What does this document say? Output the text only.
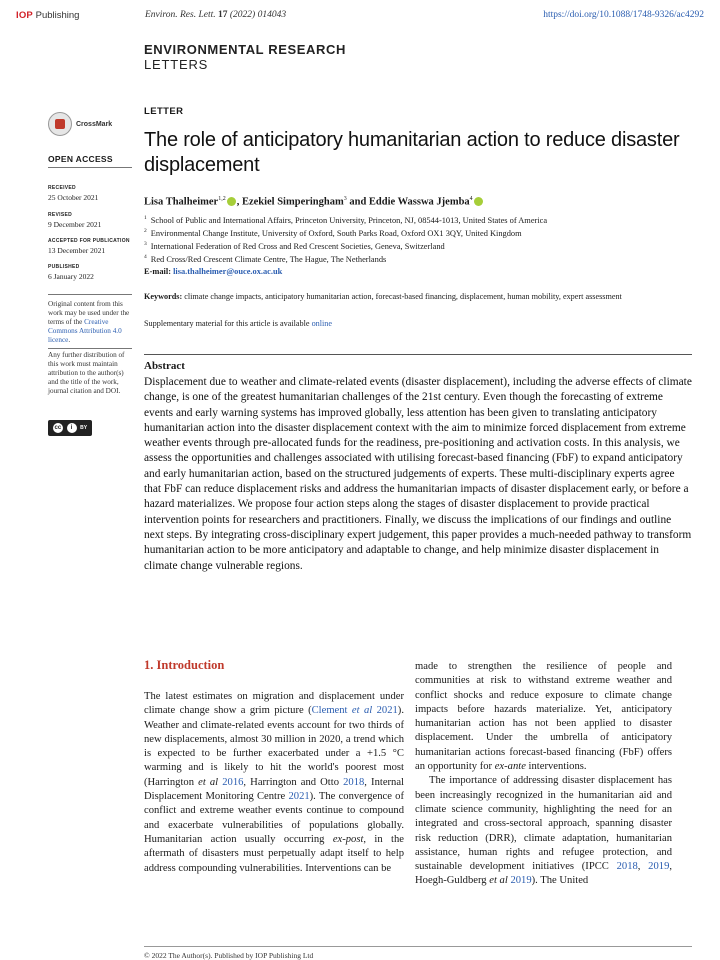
IOP Publishing	Environ. Res. Lett. 17 (2022) 014043	https://doi.org/10.1088/1748-9326/ac4292
ENVIRONMENTAL RESEARCH
LETTERS
CrossMark
OPEN ACCESS
RECEIVED
25 October 2021
REVISED
9 December 2021
ACCEPTED FOR PUBLICATION
13 December 2021
PUBLISHED
6 January 2022
Original content from this work may be used under the terms of the Creative Commons Attribution 4.0 licence.
Any further distribution of this work must maintain attribution to the author(s) and the title of the work, journal citation and DOI.
cc	i	BY
LETTER
The role of anticipatory humanitarian action to reduce disaster displacement
Lisa Thalheimer$^{1,2}$ , Ezekiel Simperingham$^3$ and Eddie Wasswa Jjemba$^4$
$^1$ School of Public and International Affairs, Princeton University, Princeton, NJ, 08544-1013, United States of America
$^2$ Environmental Change Institute, University of Oxford, South Parks Road, Oxford OX1 3QY, United Kingdom
$^3$ International Federation of Red Cross and Red Crescent Societies, Geneva, Switzerland
$^4$ Red Cross/Red Crescent Climate Centre, The Hague, The Netherlands
E-mail: lisa.thalheimer@ouce.ox.ac.uk
Keywords: climate change impacts, anticipatory humanitarian action, forecast-based financing, displacement, human mobility, expert assessment
Supplementary material for this article is available online
Abstract
Displacement due to weather and climate-related events (disaster displacement), including the adverse effects of climate change, is one of the greatest humanitarian challenges of the 21st century. Even though the forecasting of extreme events and early warning systems has improved globally, less attention has been given to translating anticipatory humanitarian action into the disaster displacement context with the aim to minimize forced displacement from extreme weather events through pre-allocated funds for the readiness, pre-positioning and activation costs. In this analysis, we assess the opportunities and challenges associated with utilising forecast-based financing (FbF) to expand anticipatory and early humanitarian action, based on the structured judgements of experts. These multi-disciplinary experts agree that FbF can reduce displacement risks and address the humanitarian impacts of disaster displacement early, or before a hazard materializes. We propose four action steps along the stages of disaster displacement to provide practical intervention points for researchers and practitioners. Finally, we discuss the implications of our findings and outline next steps. By integrating cross-disciplinary expert judgement, this paper provides a much-needed pathway to transform humanitarian action to be more anticipatory and adaptable to change, and help minimize disaster displacement in climate change vulnerable regions.
1. Introduction

The latest estimates on migration and displacement under climate change show a grim picture (Clement et al 2021). Weather and climate-related events account for two thirds of new displacements, almost 30 million in 2020, a trend which is expected to be further exacerbated under a +1.5 °C warming and is likely to hit the world's poorest most (Harrington et al 2016, Harrington and Otto 2018, Internal Displacement Monitoring Centre 2021). The convergence of conflict and extreme weather events continue to compound and exacerbate vulnerabilities of populations globally. Humanitarian action usually occurring ex-post, in the aftermath of disasters must perpetually adapt itself to help address compounding vulnerabilities. Interventions can be

made to strengthen the resilience of people and communities at risk to withstand extreme weather and conflict shocks and reduce exposure to climate change impacts before hazards materialize. Yet, anticipatory humanitarian action has not been applied to disaster displacement. Under the umbrella of anticipatory humanitarian actions forecast-based financing (FbF) offers an opportunity for ex-ante interventions.

The importance of addressing disaster displacement has been increasingly recognized in the humanitarian aid and climate science community, highlighting the need for an integrated and cross-sectoral approach, spanning disaster risk reduction (DRR), climate adaptation, humanitarian assistance, human rights and refugee protection, and sustainable development initiatives (IPCC 2018, 2019, Hoegh-Guldberg et al 2019). The United

© 2022 The Author(s). Published by IOP Publishing Ltd
